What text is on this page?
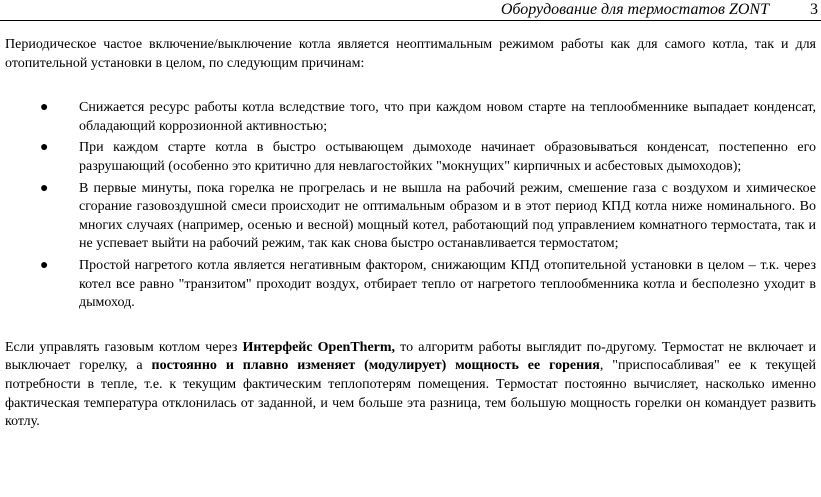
Оборудование для термостатов ZONT	3

Периодическое частое включение/выключение котла является неоптимальным режимом работы как для самого котла, так и для отопительной установки в целом, по следующим причинам:

● Снижается ресурс работы котла вследствие того, что при каждом новом старте на теплообменнике выпадает конденсат, обладающий коррозионной активностью;
● При каждом старте котла в быстро остывающем дымоходе начинает образовываться конденсат, постепенно его разрушающий (особенно это критично для невлагостойких "мокнущих" кирпичных и асбестовых дымоходов);
● В первые минуты, пока горелка не прогрелась и не вышла на рабочий режим, смешение газа с воздухом и химическое сгорание газовоздушной смеси происходит не оптимальным образом и в этот период КПД котла ниже номинального. Во многих случаях (например, осенью и весной) мощный котел, работающий под управлением комнатного термостата, так и не успевает выйти на рабочий режим, так как снова быстро останавливается термостатом;
● Простой нагретого котла является негативным фактором, снижающим КПД отопительной установки в целом – т.к. через котел все равно "транзитом" проходит воздух, отбирает тепло от нагретого теплообменника котла и бесполезно уходит в дымоход.

Если управлять газовым котлом через Интерфейс OpenTherm, то алгоритм работы выглядит по-другому. Термостат не включает и выключает горелку, а постоянно и плавно изменяет (модулирует) мощность ее горения, "приспосабливая" ее к текущей потребности в тепле, т.е. к текущим фактическим теплопотерям помещения. Термостат постоянно вычисляет, насколько именно фактическая температура отклонилась от заданной, и чем больше эта разница, тем большую мощность горелки он командует развить котлу.
